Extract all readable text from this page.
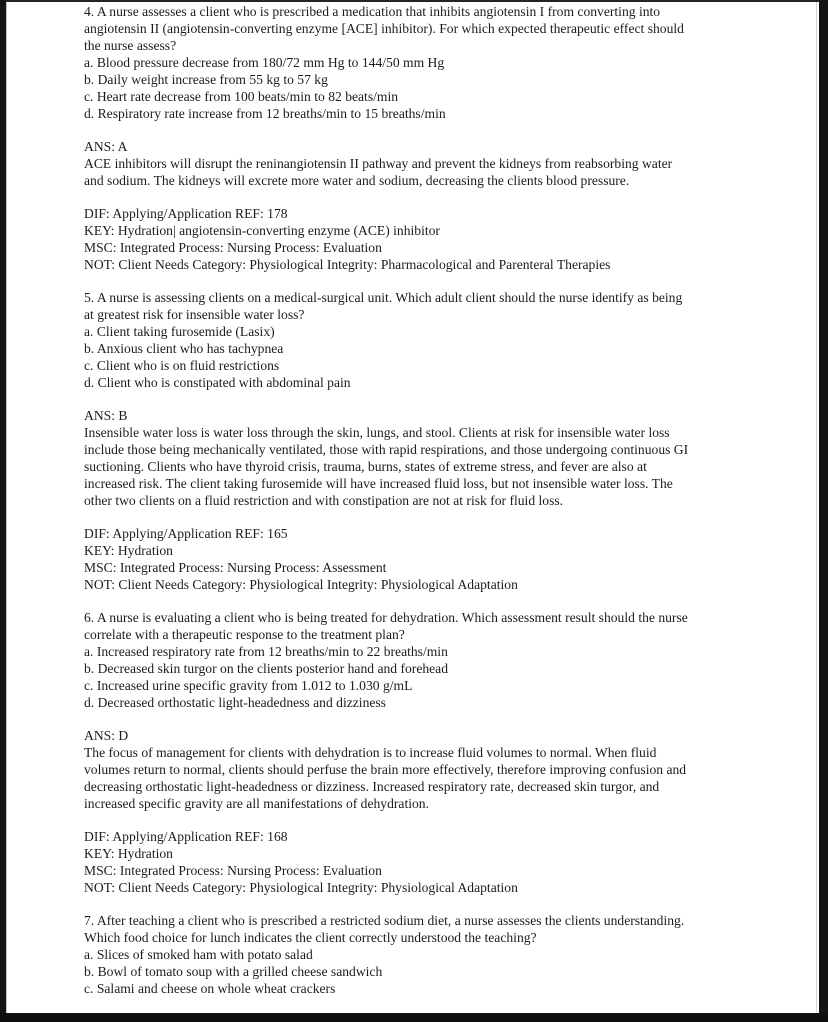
4. A nurse assesses a client who is prescribed a medication that inhibits angiotensin I from converting into
angiotensin II (angiotensin-converting enzyme [ACE] inhibitor). For which expected therapeutic effect should
the nurse assess?
a. Blood pressure decrease from 180/72 mm Hg to 144/50 mm Hg
b. Daily weight increase from 55 kg to 57 kg
c. Heart rate decrease from 100 beats/min to 82 beats/min
d. Respiratory rate increase from 12 breaths/min to 15 breaths/min
ANS: A
ACE inhibitors will disrupt the reninangiotensin II pathway and prevent the kidneys from reabsorbing water
and sodium. The kidneys will excrete more water and sodium, decreasing the clients blood pressure.
DIF: Applying/Application REF: 178
KEY: Hydration| angiotensin-converting enzyme (ACE) inhibitor
MSC: Integrated Process: Nursing Process: Evaluation
NOT: Client Needs Category: Physiological Integrity: Pharmacological and Parenteral Therapies
5. A nurse is assessing clients on a medical-surgical unit. Which adult client should the nurse identify as being
at greatest risk for insensible water loss?
a. Client taking furosemide (Lasix)
b. Anxious client who has tachypnea
c. Client who is on fluid restrictions
d. Client who is constipated with abdominal pain
ANS: B
Insensible water loss is water loss through the skin, lungs, and stool. Clients at risk for insensible water loss
include those being mechanically ventilated, those with rapid respirations, and those undergoing continuous GI
suctioning. Clients who have thyroid crisis, trauma, burns, states of extreme stress, and fever are also at
increased risk. The client taking furosemide will have increased fluid loss, but not insensible water loss. The
other two clients on a fluid restriction and with constipation are not at risk for fluid loss.
DIF: Applying/Application REF: 165
KEY: Hydration
MSC: Integrated Process: Nursing Process: Assessment
NOT: Client Needs Category: Physiological Integrity: Physiological Adaptation
6. A nurse is evaluating a client who is being treated for dehydration. Which assessment result should the nurse
correlate with a therapeutic response to the treatment plan?
a. Increased respiratory rate from 12 breaths/min to 22 breaths/min
b. Decreased skin turgor on the clients posterior hand and forehead
c. Increased urine specific gravity from 1.012 to 1.030 g/mL
d. Decreased orthostatic light-headedness and dizziness
ANS: D
The focus of management for clients with dehydration is to increase fluid volumes to normal. When fluid
volumes return to normal, clients should perfuse the brain more effectively, therefore improving confusion and
decreasing orthostatic light-headedness or dizziness. Increased respiratory rate, decreased skin turgor, and
increased specific gravity are all manifestations of dehydration.
DIF: Applying/Application REF: 168
KEY: Hydration
MSC: Integrated Process: Nursing Process: Evaluation
NOT: Client Needs Category: Physiological Integrity: Physiological Adaptation
7. After teaching a client who is prescribed a restricted sodium diet, a nurse assesses the clients understanding.
Which food choice for lunch indicates the client correctly understood the teaching?
a. Slices of smoked ham with potato salad
b. Bowl of tomato soup with a grilled cheese sandwich
c. Salami and cheese on whole wheat crackers
